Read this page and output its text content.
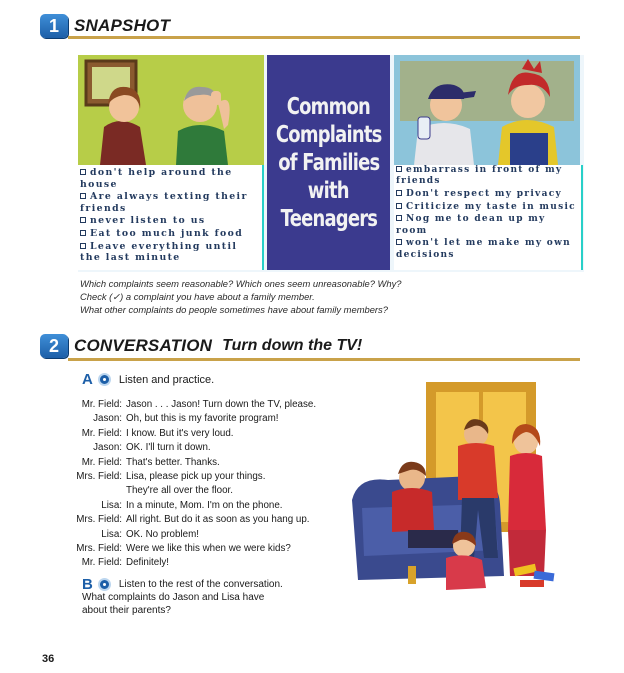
1 SNAPSHOT
Common
Complaints
of Families
with
Teenagers
don't help around the house
Are always texting their friends
never listen to us
Eat too much junk food
Leave everything until the last minute
embarrass in front of my friends
Don't respect my privacy
Criticize my taste in music
Nog me to dean up my room
won't let me make my own decisions
Which complaints seem reasonable? Which ones seem unreasonable? Why?
Check (✓) a complaint you have about a family member.
What other complaints do people sometimes have about family members?
2 CONVERSATION Turn down the TV!
A Listen and practice.
Mr. Field: Jason . . . Jason! Turn down the TV, please.
Jason: Oh, but this is my favorite program!
Mr. Field: I know. But it's very loud.
Jason: OK. I'll turn it down.
Mr. Field: That's better. Thanks.
Mrs. Field: Lisa, please pick up your things.
They're all over the floor.
Lisa: In a minute, Mom. I'm on the phone.
Mrs. Field: All right. But do it as soon as you hang up.
Lisa: OK. No problem!
Mrs. Field: Were we like this when we were kids?
Mr. Field: Definitely!
B	Listen to the rest of the conversation.
What complaints do Jason and Lisa have
about their parents?
36
